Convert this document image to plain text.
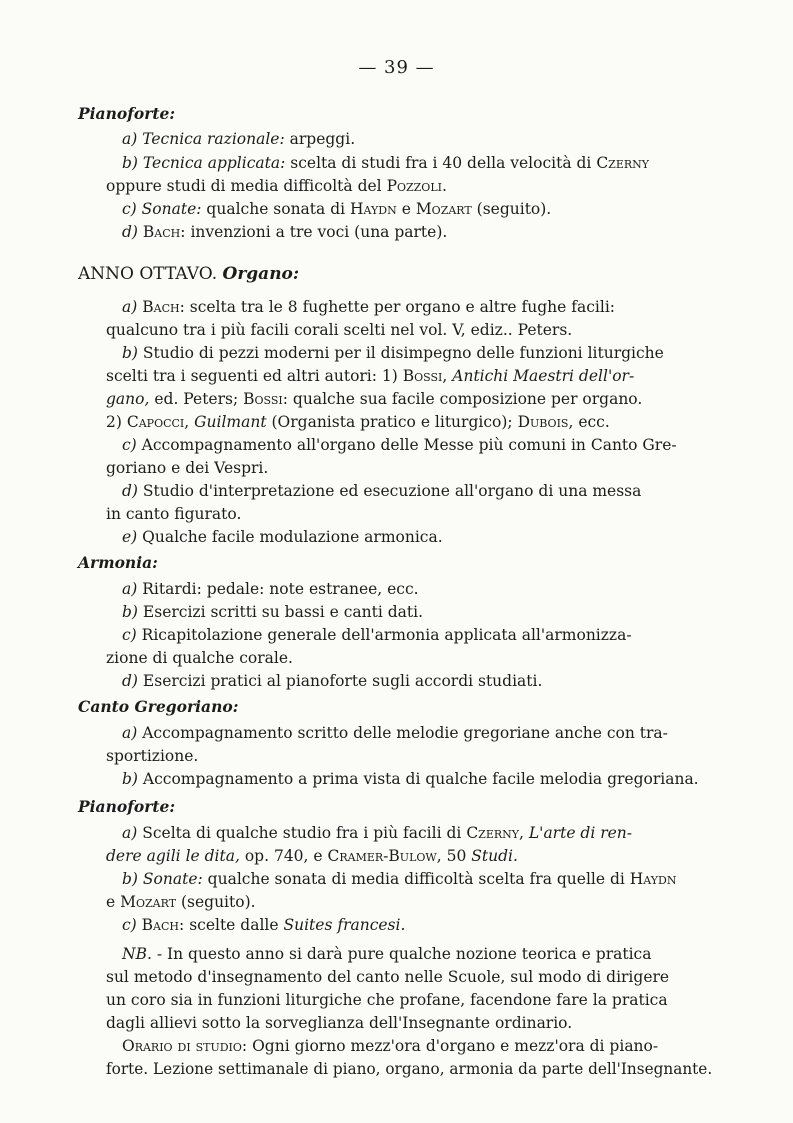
— 39 —
Pianoforte:
a) Tecnica razionale: arpeggi.
b) Tecnica applicata: scelta di studi fra i 40 della velocità di Czerny
oppure studi di media difficoltà del Pozzoli.
c) Sonate: qualche sonata di Haydn e Mozart (seguito).
d) Bach: invenzioni a tre voci (una parte).
ANNO OTTAVO. Organo:
a) Bach: scelta tra le 8 fughette per organo e altre fughe facili:
qualcuno tra i più facili corali scelti nel vol. V, ediz.. Peters.
b) Studio di pezzi moderni per il disimpegno delle funzioni liturgiche
scelti tra i seguenti ed altri autori: 1) Bossi, Antichi Maestri dell'or-
gano, ed. Peters; Bossi: qualche sua facile composizione per organo.
2) Capocci, Guilmant (Organista pratico e liturgico); Dubois, ecc.
c) Accompagnamento all'organo delle Messe più comuni in Canto Gre-
goriano e dei Vespri.
d) Studio d'interpretazione ed esecuzione all'organo di una messa
in canto figurato.
e) Qualche facile modulazione armonica.
Armonia:
a) Ritardi: pedale: note estranee, ecc.
b) Esercizi scritti su bassi e canti dati.
c) Ricapitolazione generale dell'armonia applicata all'armonizza-
zione di qualche corale.
d) Esercizi pratici al pianoforte sugli accordi studiati.
Canto Gregoriano:
a) Accompagnamento scritto delle melodie gregoriane anche con tra-
sportizione.
b) Accompagnamento a prima vista di qualche facile melodia gregoriana.
Pianoforte:
a) Scelta di qualche studio fra i più facili di Czerny, L'arte di ren-
dere agili le dita, op. 740, e Cramer-Bulow, 50 Studi.
b) Sonate: qualche sonata di media difficoltà scelta fra quelle di Haydn
e Mozart (seguito).
c) Bach: scelte dalle Suites francesi.
NB. - In questo anno si darà pure qualche nozione teorica e pratica
sul metodo d'insegnamento del canto nelle Scuole, sul modo di dirigere
un coro sia in funzioni liturgiche che profane, facendone fare la pratica
dagli allievi sotto la sorveglianza dell'Insegnante ordinario.
Orario di studio: Ogni giorno mezz'ora d'organo e mezz'ora di piano-
forte. Lezione settimanale di piano, organo, armonia da parte dell'Insegnante.
